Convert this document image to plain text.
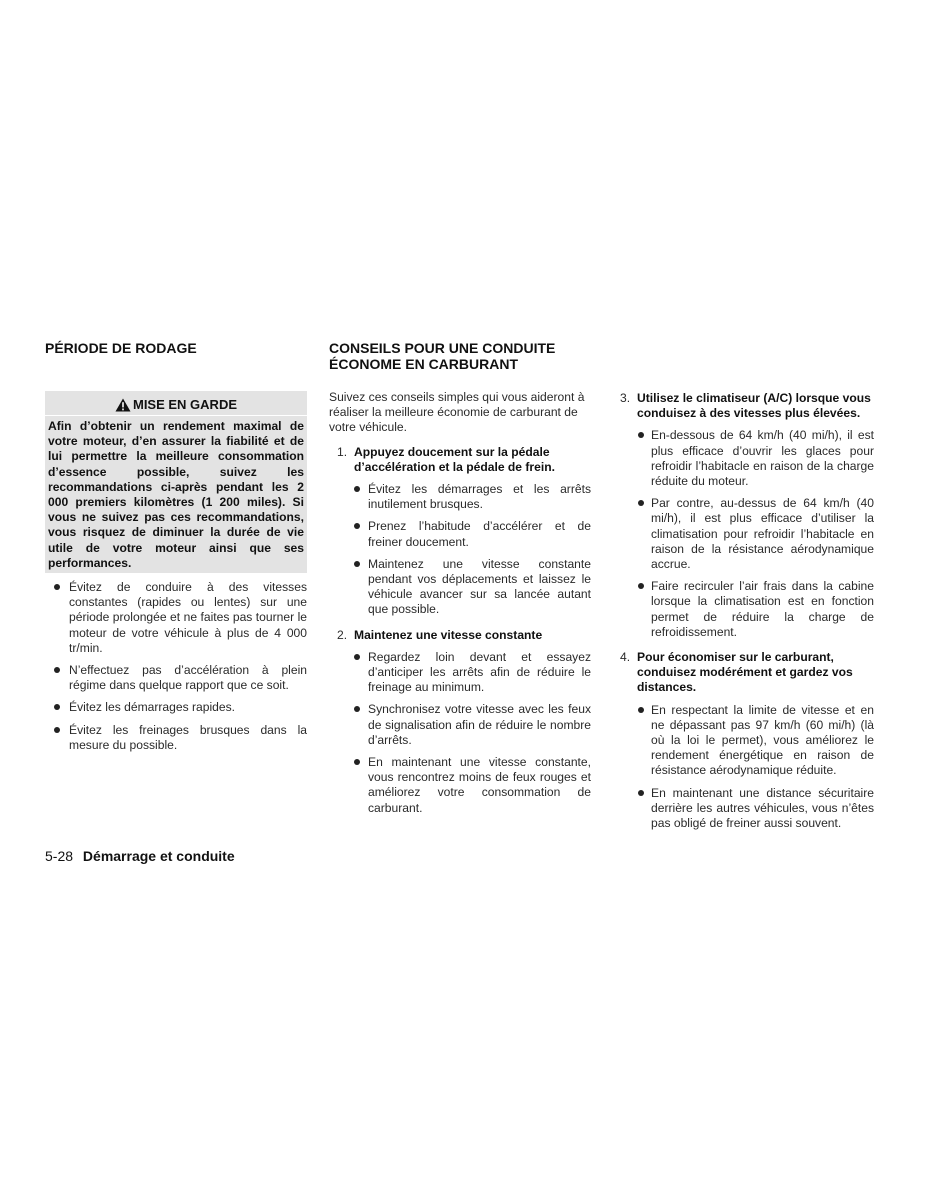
PÉRIODE DE RODAGE
MISE EN GARDE
Afin d’obtenir un rendement maximal de votre moteur, d’en assurer la fiabilité et de lui permettre la meilleure consommation d’essence possible, suivez les recommandations ci-après pendant les 2 000 premiers kilomètres (1 200 miles). Si vous ne suivez pas ces recommandations, vous risquez de diminuer la durée de vie utile de votre moteur ainsi que ses performances.
Évitez de conduire à des vitesses constantes (rapides ou lentes) sur une période prolongée et ne faites pas tourner le moteur de votre véhicule à plus de 4 000 tr/min.
N’effectuez pas d’accélération à plein régime dans quelque rapport que ce soit.
Évitez les démarrages rapides.
Évitez les freinages brusques dans la mesure du possible.
CONSEILS POUR UNE CONDUITE ÉCONOME EN CARBURANT
Suivez ces conseils simples qui vous aideront à réaliser la meilleure économie de carburant de votre véhicule.
1. Appuyez doucement sur la pédale d’accélération et la pédale de frein.
Évitez les démarrages et les arrêts inutilement brusques.
Prenez l’habitude d’accélérer et de freiner doucement.
Maintenez une vitesse constante pendant vos déplacements et laissez le véhicule avancer sur sa lancée autant que possible.
2. Maintenez une vitesse constante
Regardez loin devant et essayez d’anticiper les arrêts afin de réduire le freinage au minimum.
Synchronisez votre vitesse avec les feux de signalisation afin de réduire le nombre d’arrêts.
En maintenant une vitesse constante, vous rencontrez moins de feux rouges et améliorez votre consommation de carburant.
3. Utilisez le climatiseur (A/C) lorsque vous conduisez à des vitesses plus élevées.
En-dessous de 64 km/h (40 mi/h), il est plus efficace d’ouvrir les glaces pour refroidir l’habitacle en raison de la charge réduite du moteur.
Par contre, au-dessus de 64 km/h (40 mi/h), il est plus efficace d’utiliser la climatisation pour refroidir l’habitacle en raison de la résistance aérodynamique accrue.
Faire recirculer l’air frais dans la cabine lorsque la climatisation est en fonction permet de réduire la charge de refroidissement.
4. Pour économiser sur le carburant, conduisez modérément et gardez vos distances.
En respectant la limite de vitesse et en ne dépassant pas 97 km/h (60 mi/h) (là où la loi le permet), vous améliorez le rendement énergétique en raison de résistance aérodynamique réduite.
En maintenant une distance sécuritaire derrière les autres véhicules, vous n’êtes pas obligé de freiner aussi souvent.
5-28 Démarrage et conduite
